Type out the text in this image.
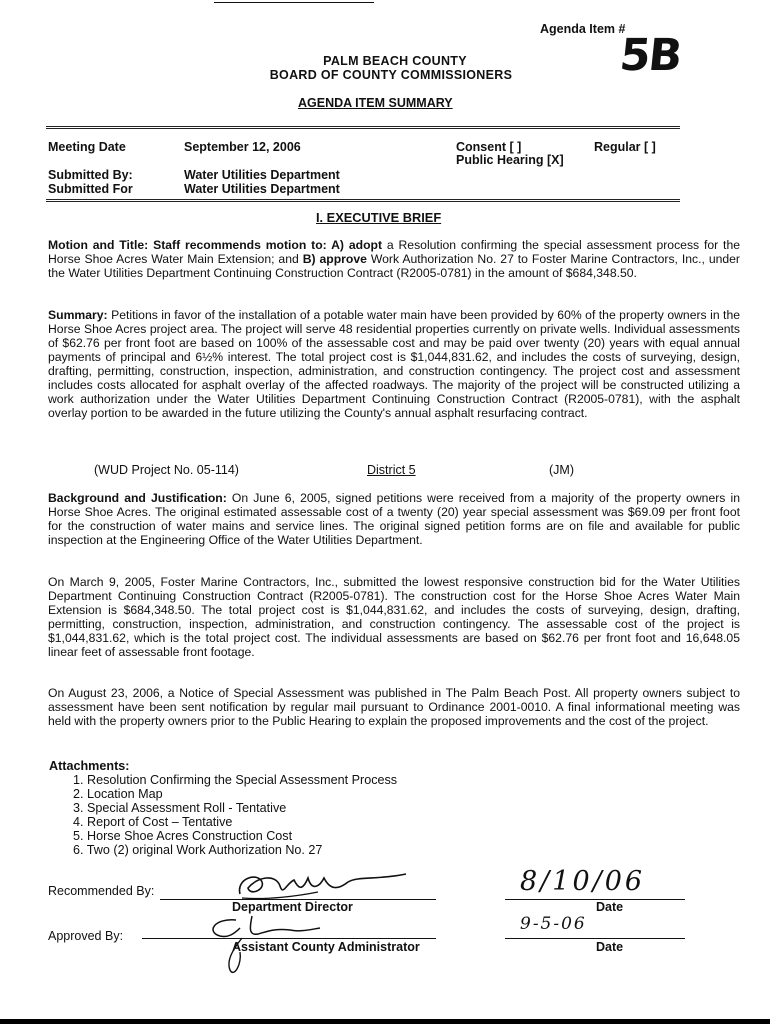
Agenda Item #
5B
PALM BEACH COUNTY
BOARD OF COUNTY COMMISSIONERS
AGENDA ITEM SUMMARY
Meeting Date	September 12, 2006	Consent [ ]	Regular [ ]
Public Hearing [X]
Submitted By:	Water Utilities Department
Submitted For	Water Utilities Department
I. EXECUTIVE BRIEF

Motion and Title: Staff recommends motion to: A) adopt a Resolution confirming the special assessment process for the Horse Shoe Acres Water Main Extension; and B) approve Work Authorization No. 27 to Foster Marine Contractors, Inc., under the Water Utilities Department Continuing Construction Contract (R2005-0781) in the amount of $684,348.50.

Summary: Petitions in favor of the installation of a potable water main have been provided by 60% of the property owners in the Horse Shoe Acres project area. The project will serve 48 residential properties currently on private wells. Individual assessments of $62.76 per front foot are based on 100% of the assessable cost and may be paid over twenty (20) years with equal annual payments of principal and 6½% interest. The total project cost is $1,044,831.62, and includes the costs of surveying, design, drafting, permitting, construction, inspection, administration, and construction contingency. The project cost and assessment includes costs allocated for asphalt overlay of the affected roadways. The majority of the project will be constructed utilizing a work authorization under the Water Utilities Department Continuing Construction Contract (R2005-0781), with the asphalt overlay portion to be awarded in the future utilizing the County's annual asphalt resurfacing contract.

(WUD Project No. 05-114)	District 5	(JM)

Background and Justification: On June 6, 2005, signed petitions were received from a majority of the property owners in Horse Shoe Acres. The original estimated assessable cost of a twenty (20) year special assessment was $69.09 per front foot for the construction of water mains and service lines. The original signed petition forms are on file and available for public inspection at the Engineering Office of the Water Utilities Department.

On March 9, 2005, Foster Marine Contractors, Inc., submitted the lowest responsive construction bid for the Water Utilities Department Continuing Construction Contract (R2005-0781). The construction cost for the Horse Shoe Acres Water Main Extension is $684,348.50. The total project cost is $1,044,831.62, and includes the costs of surveying, design, drafting, permitting, construction, inspection, administration, and construction contingency. The assessable cost of the project is $1,044,831.62, which is the total project cost. The individual assessments are based on $62.76 per front foot and 16,648.05 linear feet of assessable front footage.

On August 23, 2006, a Notice of Special Assessment was published in The Palm Beach Post. All property owners subject to assessment have been sent notification by regular mail pursuant to Ordinance 2001-0010. A final informational meeting was held with the property owners prior to the Public Hearing to explain the proposed improvements and the cost of the project.

Attachments:
1. Resolution Confirming the Special Assessment Process
2. Location Map
3. Special Assessment Roll - Tentative
4. Report of Cost – Tentative
5. Horse Shoe Acres Construction Cost
6. Two (2) original Work Authorization No. 27
Recommended By:
Department Director
8/10/06
Date
Approved By:
Assistant County Administrator
9-5-06
Date
